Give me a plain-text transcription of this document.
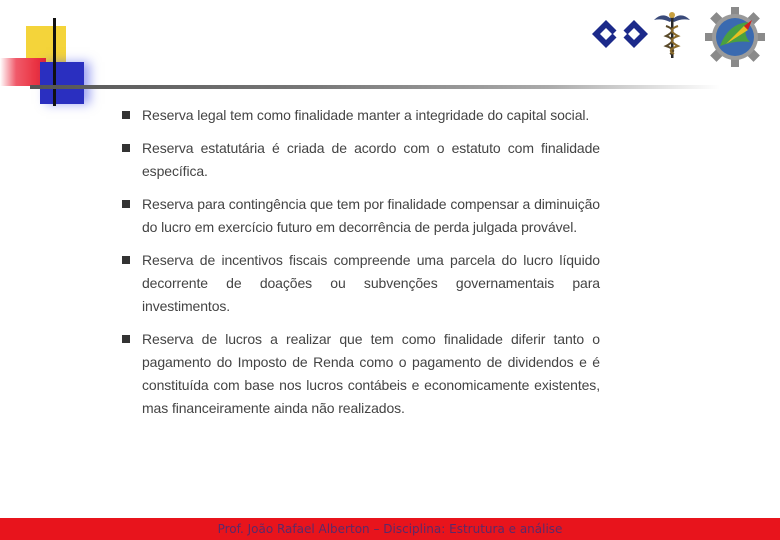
Reserva legal tem como finalidade manter a integridade do capital social.
Reserva estatutária é criada de acordo com o estatuto com finalidade específica.
Reserva para contingência que tem por finalidade compensar a diminuição do lucro em exercício futuro em decorrência de perda julgada provável.
Reserva de incentivos fiscais compreende uma parcela do lucro líquido decorrente de doações ou subvenções governamentais para investimentos.
Reserva de lucros a realizar que tem como finalidade diferir tanto o pagamento do Imposto de Renda como o pagamento de dividendos e é constituída com base nos lucros contábeis e economicamente existentes, mas financeiramente ainda não realizados.
Prof. João Rafael Alberton – Disciplina: Estrutura e análise
